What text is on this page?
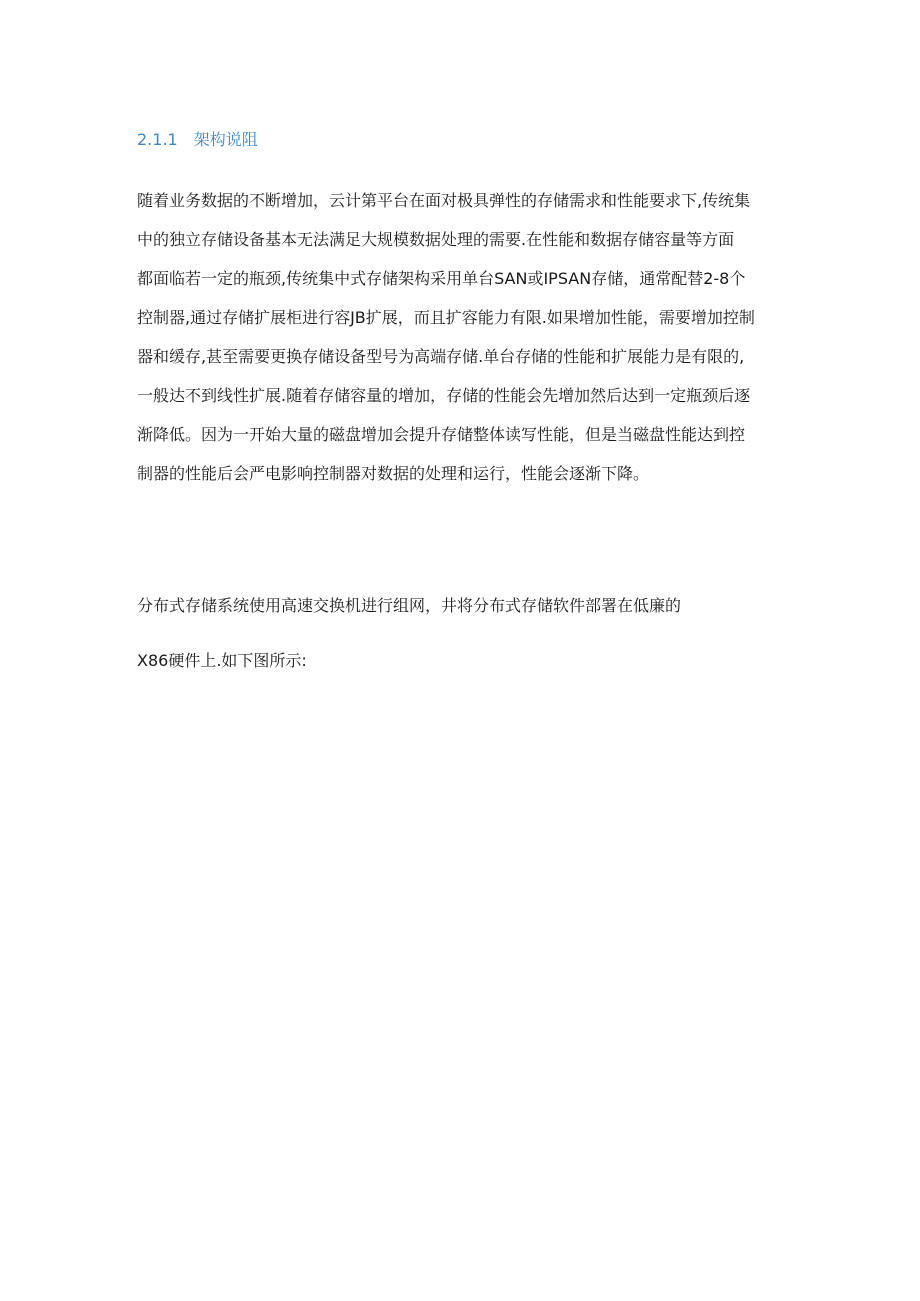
2.1.1 架构说阻
随着业务数据的不断增加，云计第平台在面对极具弹性的存储需求和性能要求下,传统集
中的独立存储设备基本无法满足大规模数据处理的需要.在性能和数据存储容量等方面
都面临若一定的瓶颈,传统集中式存储架构采用单台SAN或IPSAN存储，通常配替2-8个
控制器,通过存储扩展柜进行容JB扩展，而且扩容能力有限.如果增加性能，需要增加控制
器和缓存,甚至需要更换存储设备型号为高端存储.单台存储的性能和扩展能力是有限的,
一般达不到线性扩展.随着存储容量的增加，存储的性能会先增加然后达到一定瓶颈后逐
渐降低。因为一开始大量的磁盘增加会提升存储整体读写性能，但是当磁盘性能达到控
制器的性能后会严电影响控制器对数据的处理和运行，性能会逐渐下降。
分布式存储系统使用高速交换机进行组网，井将分布式存储软件部署在低廉的
X86硬件上.如下图所示:
